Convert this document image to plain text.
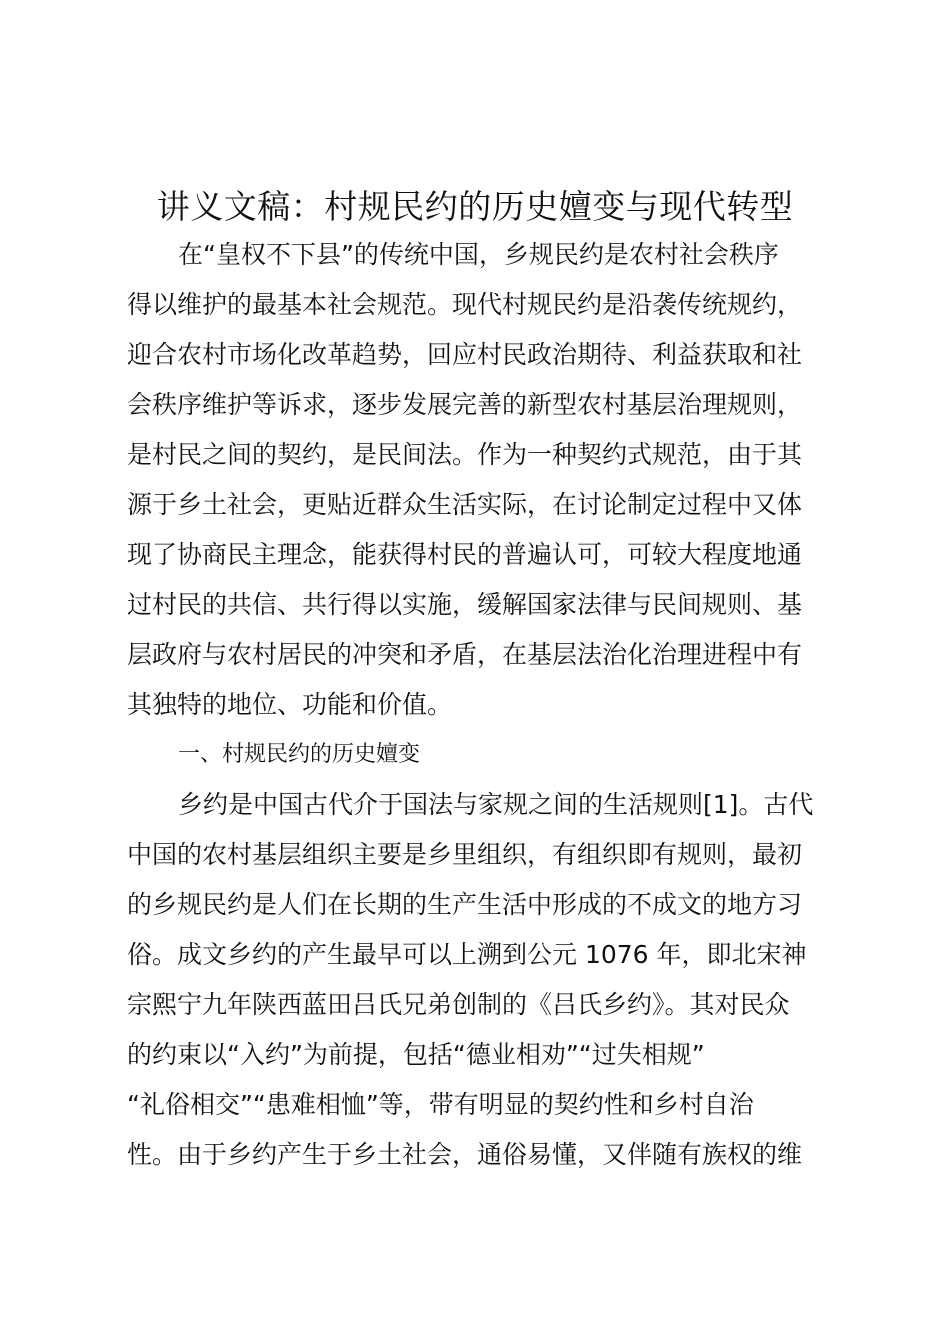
讲义文稿：村规民约的历史嬗变与现代转型

在“皇权不下县”的传统中国，乡规民约是农村社会秩序

得以维护的最基本社会规范。现代村规民约是沿袭传统规约，

迎合农村市场化改革趋势，回应村民政治期待、利益获取和社

会秩序维护等诉求，逐步发展完善的新型农村基层治理规则，

是村民之间的契约，是民间法。作为一种契约式规范，由于其

源于乡土社会，更贴近群众生活实际，在讨论制定过程中又体

现了协商民主理念，能获得村民的普遍认可，可较大程度地通

过村民的共信、共行得以实施，缓解国家法律与民间规则、基

层政府与农村居民的冲突和矛盾，在基层法治化治理进程中有

其独特的地位、功能和价值。

一、村规民约的历史嬗变

乡约是中国古代介于国法与家规之间的生活规则[1]。古代

中国的农村基层组织主要是乡里组织，有组织即有规则，最初

的乡规民约是人们在长期的生产生活中形成的不成文的地方习

俗。成文乡约的产生最早可以上溯到公元 1076 年，即北宋神

宗熙宁九年陕西蓝田吕氏兄弟创制的《吕氏乡约》。其对民众

的约束以“入约”为前提，包括“德业相劝”“过失相规”

“礼俗相交”“患难相恤”等，带有明显的契约性和乡村自治

性。由于乡约产生于乡土社会，通俗易懂，又伴随有族权的维
